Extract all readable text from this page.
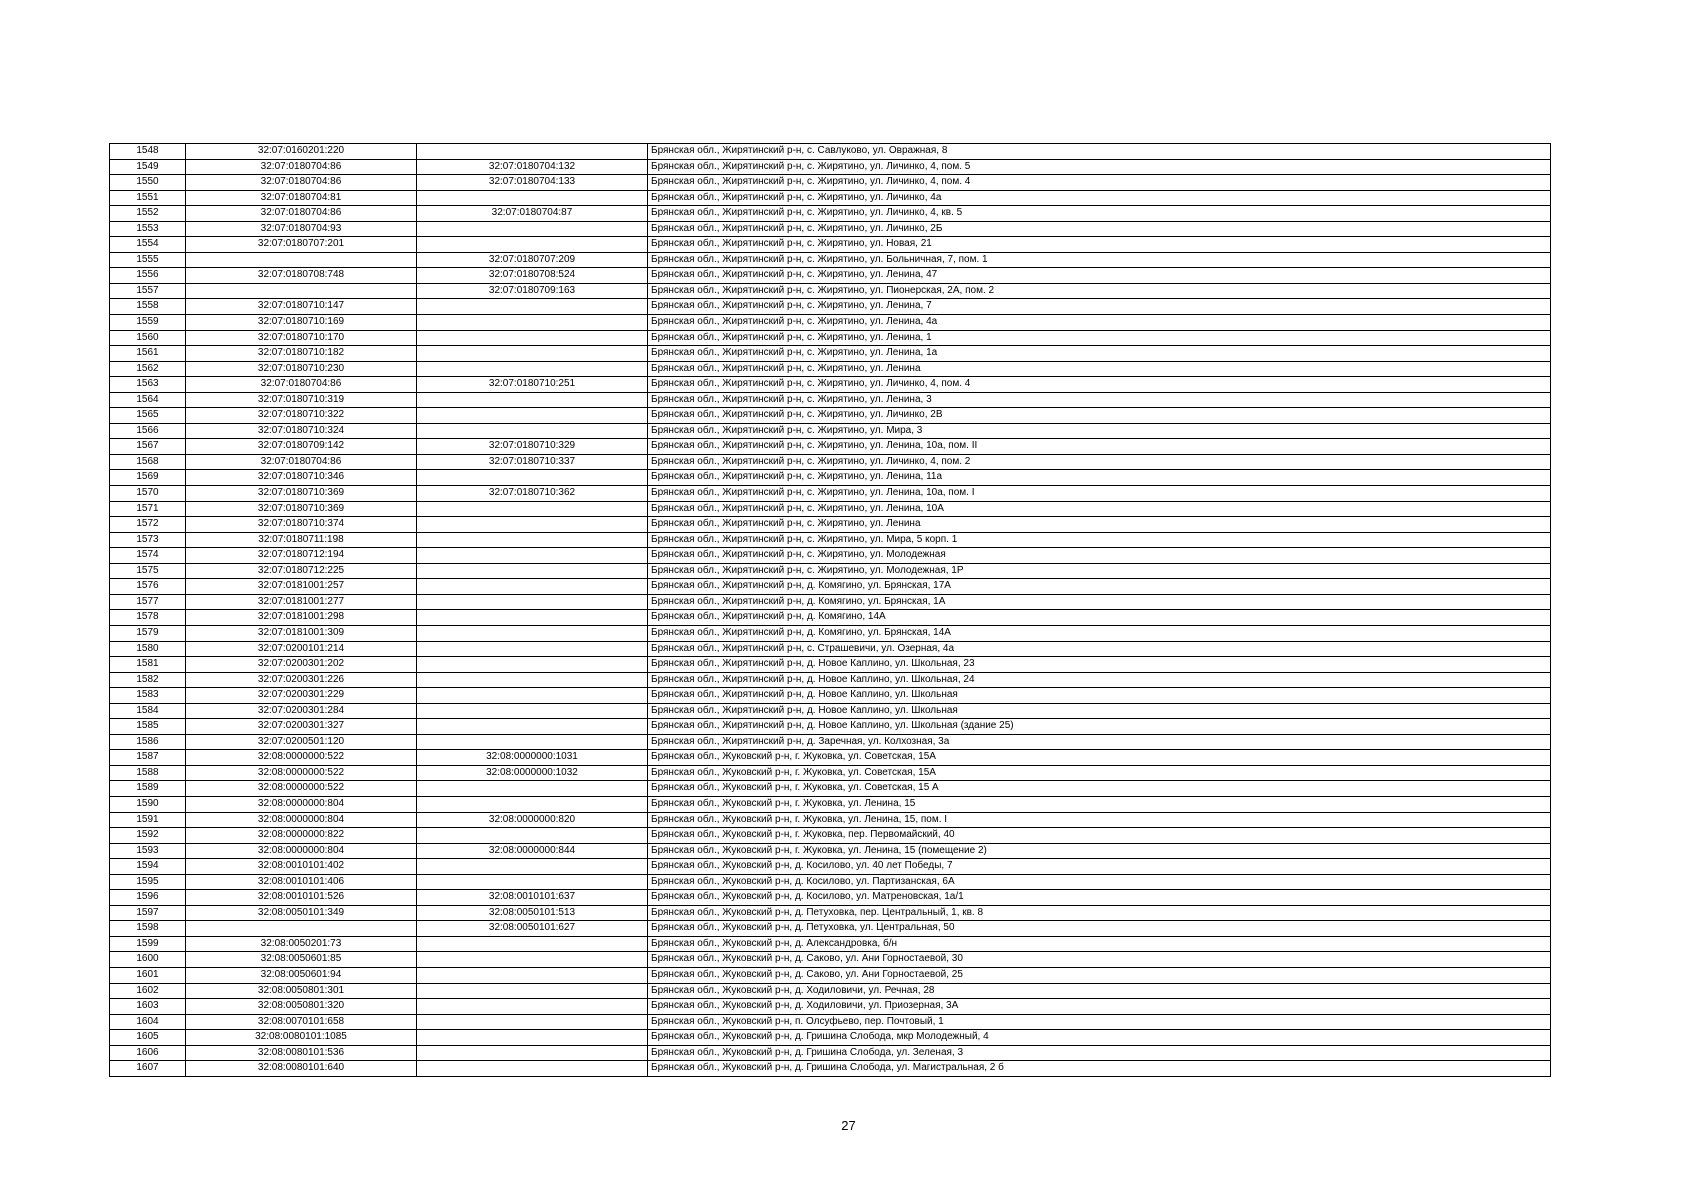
1548	32:07:0160201:220		Брянская обл., Жирятинский р-н, с. Савлуково, ул. Овражная, 8
1549	32:07:0180704:86	32:07:0180704:132	Брянская обл., Жирятинский р-н, с. Жирятино, ул. Личинко, 4, пом. 5
1550	32:07:0180704:86	32:07:0180704:133	Брянская обл., Жирятинский р-н, с. Жирятино, ул. Личинко, 4, пом. 4
1551	32:07:0180704:81		Брянская обл., Жирятинский р-н, с. Жирятино, ул. Личинко, 4а
1552	32:07:0180704:86	32:07:0180704:87	Брянская обл., Жирятинский р-н, с. Жирятино, ул. Личинко, 4, кв. 5
1553	32:07:0180704:93		Брянская обл., Жирятинский р-н, с. Жирятино, ул. Личинко, 2Б
1554	32:07:0180707:201		Брянская обл., Жирятинский р-н, с. Жирятино, ул. Новая, 21
1555		32:07:0180707:209	Брянская обл., Жирятинский р-н, с. Жирятино, ул. Больничная, 7, пом. 1
1556	32:07:0180708:748	32:07:0180708:524	Брянская обл., Жирятинский р-н, с. Жирятино, ул. Ленина, 47
1557		32:07:0180709:163	Брянская обл., Жирятинский р-н, с. Жирятино, ул. Пионерская, 2А, пом. 2
1558	32:07:0180710:147		Брянская обл., Жирятинский р-н, с. Жирятино, ул. Ленина, 7
1559	32:07:0180710:169		Брянская обл., Жирятинский р-н, с. Жирятино, ул. Ленина, 4а
1560	32:07:0180710:170		Брянская обл., Жирятинский р-н, с. Жирятино, ул. Ленина, 1
1561	32:07:0180710:182		Брянская обл., Жирятинский р-н, с. Жирятино, ул. Ленина, 1а
1562	32:07:0180710:230		Брянская обл., Жирятинский р-н, с. Жирятино, ул. Ленина
1563	32:07:0180704:86	32:07:0180710:251	Брянская обл., Жирятинский р-н, с. Жирятино, ул. Личинко, 4, пом. 4
1564	32:07:0180710:319		Брянская обл., Жирятинский р-н, с. Жирятино, ул. Ленина, 3
1565	32:07:0180710:322		Брянская обл., Жирятинский р-н, с. Жирятино, ул. Личинко, 2В
1566	32:07:0180710:324		Брянская обл., Жирятинский р-н, с. Жирятино, ул. Мира, 3
1567	32:07:0180709:142	32:07:0180710:329	Брянская обл., Жирятинский р-н, с. Жирятино, ул. Ленина, 10а, пом. II
1568	32:07:0180704:86	32:07:0180710:337	Брянская обл., Жирятинский р-н, с. Жирятино, ул. Личинко, 4, пом. 2
1569	32:07:0180710:346		Брянская обл., Жирятинский р-н, с. Жирятино, ул. Ленина, 11а
1570	32:07:0180710:369	32:07:0180710:362	Брянская обл., Жирятинский р-н, с. Жирятино, ул. Ленина, 10а, пом. I
1571	32:07:0180710:369		Брянская обл., Жирятинский р-н, с. Жирятино, ул. Ленина, 10А
1572	32:07:0180710:374		Брянская обл., Жирятинский р-н, с. Жирятино, ул. Ленина
1573	32:07:0180711:198		Брянская обл., Жирятинский р-н, с. Жирятино, ул. Мира, 5 корп. 1
1574	32:07:0180712:194		Брянская обл., Жирятинский р-н, с. Жирятино, ул. Молодежная
1575	32:07:0180712:225		Брянская обл., Жирятинский р-н, с. Жирятино, ул. Молодежная, 1Р
1576	32:07:0181001:257		Брянская обл., Жирятинский р-н, д. Комягино, ул. Брянская, 17А
1577	32:07:0181001:277		Брянская обл., Жирятинский р-н, д. Комягино, ул. Брянская, 1А
1578	32:07:0181001:298		Брянская обл., Жирятинский р-н, д. Комягино, 14А
1579	32:07:0181001:309		Брянская обл., Жирятинский р-н, д. Комягино, ул. Брянская, 14А
1580	32:07:0200101:214		Брянская обл., Жирятинский р-н, с. Страшевичи, ул. Озерная, 4а
1581	32:07:0200301:202		Брянская обл., Жирятинский р-н, д. Новое Каплино, ул. Школьная, 23
1582	32:07:0200301:226		Брянская обл., Жирятинский р-н, д. Новое Каплино, ул. Школьная, 24
1583	32:07:0200301:229		Брянская обл., Жирятинский р-н, д. Новое Каплино, ул. Школьная
1584	32:07:0200301:284		Брянская обл., Жирятинский р-н, д. Новое Каплино, ул. Школьная
1585	32:07:0200301:327		Брянская обл., Жирятинский р-н, д. Новое Каплино, ул. Школьная (здание 25)
1586	32:07:0200501:120		Брянская обл., Жирятинский р-н, д. Заречная, ул. Колхозная, 3а
1587	32:08:0000000:522	32:08:0000000:1031	Брянская обл., Жуковский р-н, г. Жуковка, ул. Советская, 15А
1588	32:08:0000000:522	32:08:0000000:1032	Брянская обл., Жуковский р-н, г. Жуковка, ул. Советская, 15А
1589	32:08:0000000:522		Брянская обл., Жуковский р-н, г. Жуковка, ул. Советская, 15 А
1590	32:08:0000000:804		Брянская обл., Жуковский р-н, г. Жуковка, ул. Ленина, 15
1591	32:08:0000000:804	32:08:0000000:820	Брянская обл., Жуковский р-н, г. Жуковка, ул. Ленина, 15, пом. I
1592	32:08:0000000:822		Брянская обл., Жуковский р-н, г. Жуковка, пер. Первомайский, 40
1593	32:08:0000000:804	32:08:0000000:844	Брянская обл., Жуковский р-н, г. Жуковка, ул. Ленина, 15 (помещение 2)
1594	32:08:0010101:402		Брянская обл., Жуковский р-н, д. Косилово, ул. 40 лет Победы, 7
1595	32:08:0010101:406		Брянская обл., Жуковский р-н, д. Косилово, ул. Партизанская, 6А
1596	32:08:0010101:526	32:08:0010101:637	Брянская обл., Жуковский р-н, д. Косилово, ул. Матреновская, 1а/1
1597	32:08:0050101:349	32:08:0050101:513	Брянская обл., Жуковский р-н, д. Петуховка, пер. Центральный, 1, кв. 8
1598		32:08:0050101:627	Брянская обл., Жуковский р-н, д. Петуховка, ул. Центральная, 50
1599	32:08:0050201:73		Брянская обл., Жуковский р-н, д. Александровка, б/н
1600	32:08:0050601:85		Брянская обл., Жуковский р-н, д. Саково, ул. Ани Горностаевой, 30
1601	32:08:0050601:94		Брянская обл., Жуковский р-н, д. Саково, ул. Ани Горностаевой, 25
1602	32:08:0050801:301		Брянская обл., Жуковский р-н, д. Ходиловичи, ул. Речная, 28
1603	32:08:0050801:320		Брянская обл., Жуковский р-н, д. Ходиловичи, ул. Приозерная, 3А
1604	32:08:0070101:658		Брянская обл., Жуковский р-н, п. Олсуфьево, пер. Почтовый, 1
1605	32:08:0080101:1085		Брянская обл., Жуковский р-н, д. Гришина Слобода, мкр Молодежный, 4
1606	32:08:0080101:536		Брянская обл., Жуковский р-н, д. Гришина Слобода, ул. Зеленая, 3
1607	32:08:0080101:640		Брянская обл., Жуковский р-н, д. Гришина Слобода, ул. Магистральная, 2 б
27
